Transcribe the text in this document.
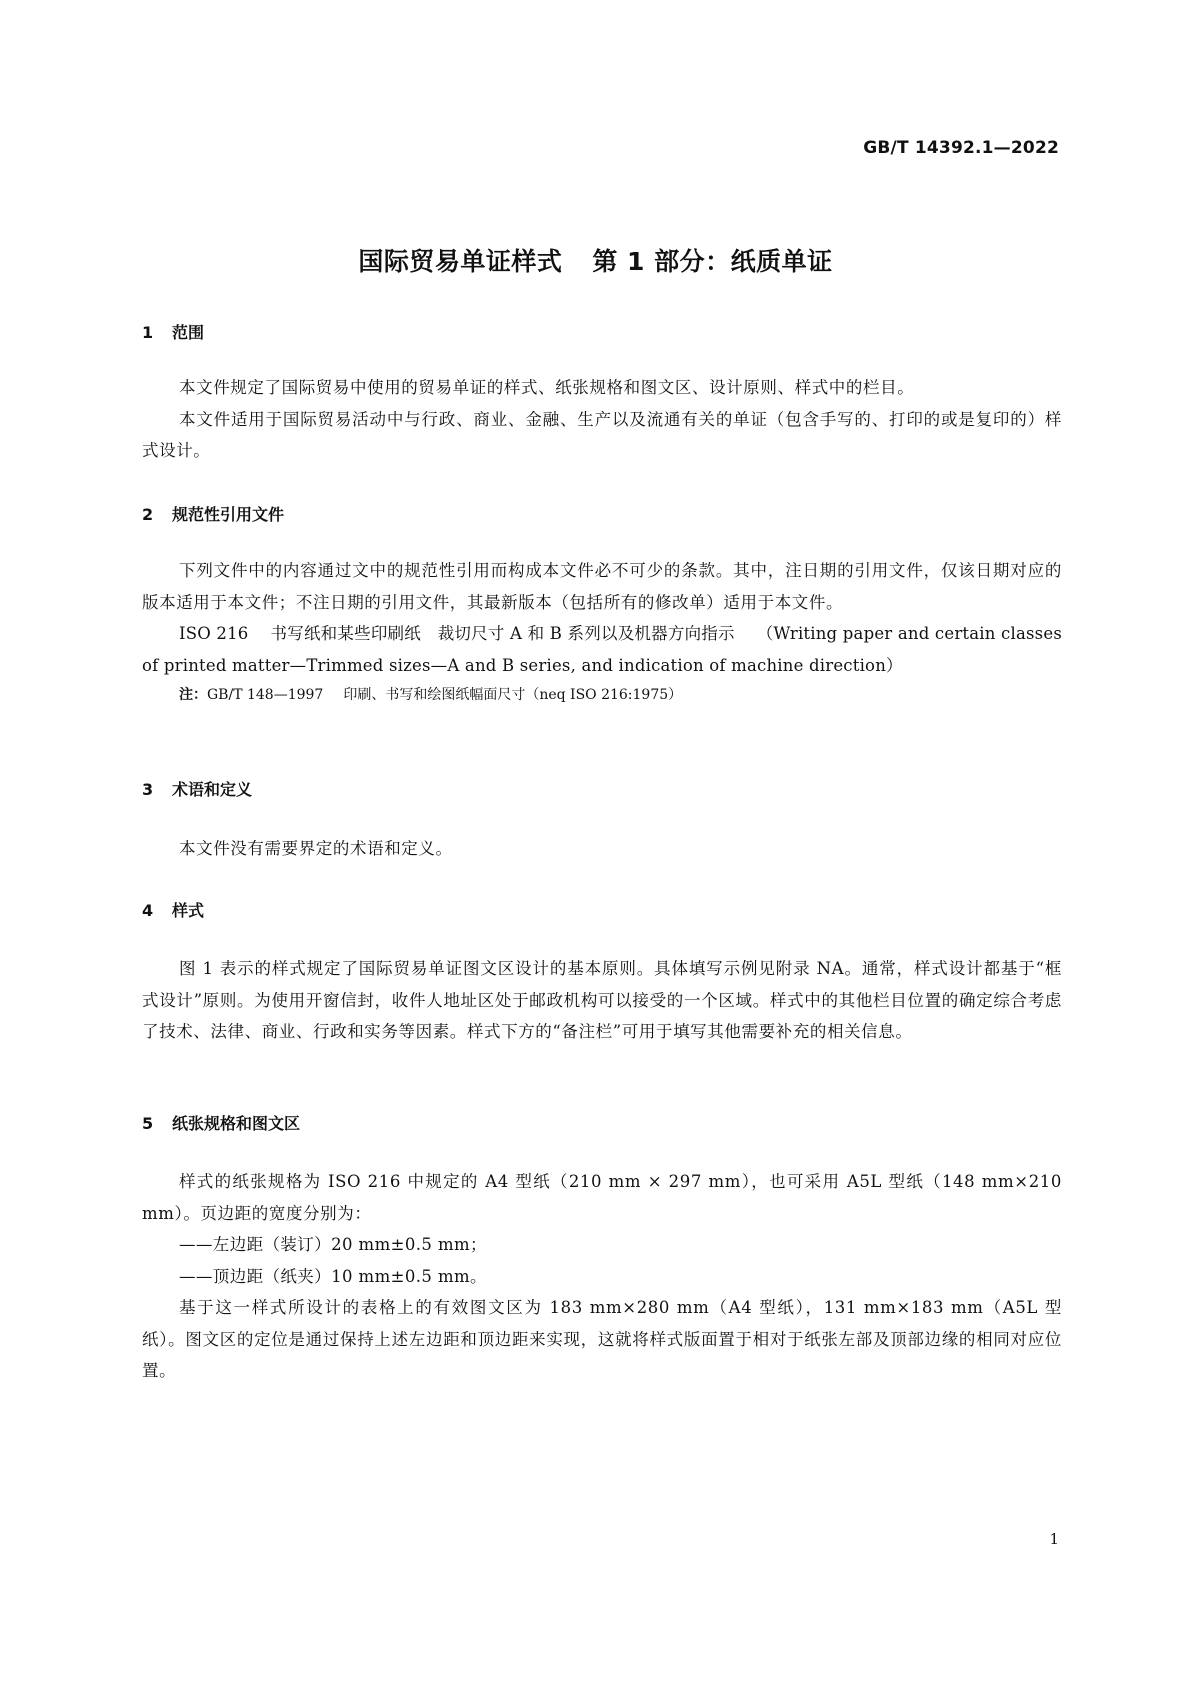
GB/T 14392.1—2022
国际贸易单证样式 第 1 部分：纸质单证
1	范围

本文件规定了国际贸易中使用的贸易单证的样式、纸张规格和图文区、设计原则、样式中的栏目。

本文件适用于国际贸易活动中与行政、商业、金融、生产以及流通有关的单证（包含手写的、打印的或是复印的）样式设计。

2	规范性引用文件

下列文件中的内容通过文中的规范性引用而构成本文件必不可少的条款。其中，注日期的引用文件，仅该日期对应的版本适用于本文件；不注日期的引用文件，其最新版本（包括所有的修改单）适用于本文件。

ISO 216 书写纸和某些印刷纸　裁切尺寸 A 和 B 系列以及机器方向指示 （Writing paper and certain classes of printed matter—Trimmed sizes—A and B series, and indication of machine direction）

注：GB/T 148—1997 印刷、书写和绘图纸幅面尺寸（neq ISO 216:1975）

3	术语和定义

本文件没有需要界定的术语和定义。

4	样式

图 1 表示的样式规定了国际贸易单证图文区设计的基本原则。具体填写示例见附录 NA。通常，样式设计都基于“框式设计”原则。为使用开窗信封，收件人地址区处于邮政机构可以接受的一个区域。样式中的其他栏目位置的确定综合考虑了技术、法律、商业、行政和实务等因素。样式下方的“备注栏”可用于填写其他需要补充的相关信息。

5	纸张规格和图文区

样式的纸张规格为 ISO 216 中规定的 A4 型纸（210 mm × 297 mm），也可采用 A5L 型纸（148 mm×210 mm）。页边距的宽度分别为：

——左边距（装订）20 mm±0.5 mm；

——顶边距（纸夹）10 mm±0.5 mm。

基于这一样式所设计的表格上的有效图文区为 183 mm×280 mm（A4 型纸），131 mm×183 mm（A5L 型纸）。图文区的定位是通过保持上述左边距和顶边距来实现，这就将样式版面置于相对于纸张左部及顶部边缘的相同对应位置。

1
